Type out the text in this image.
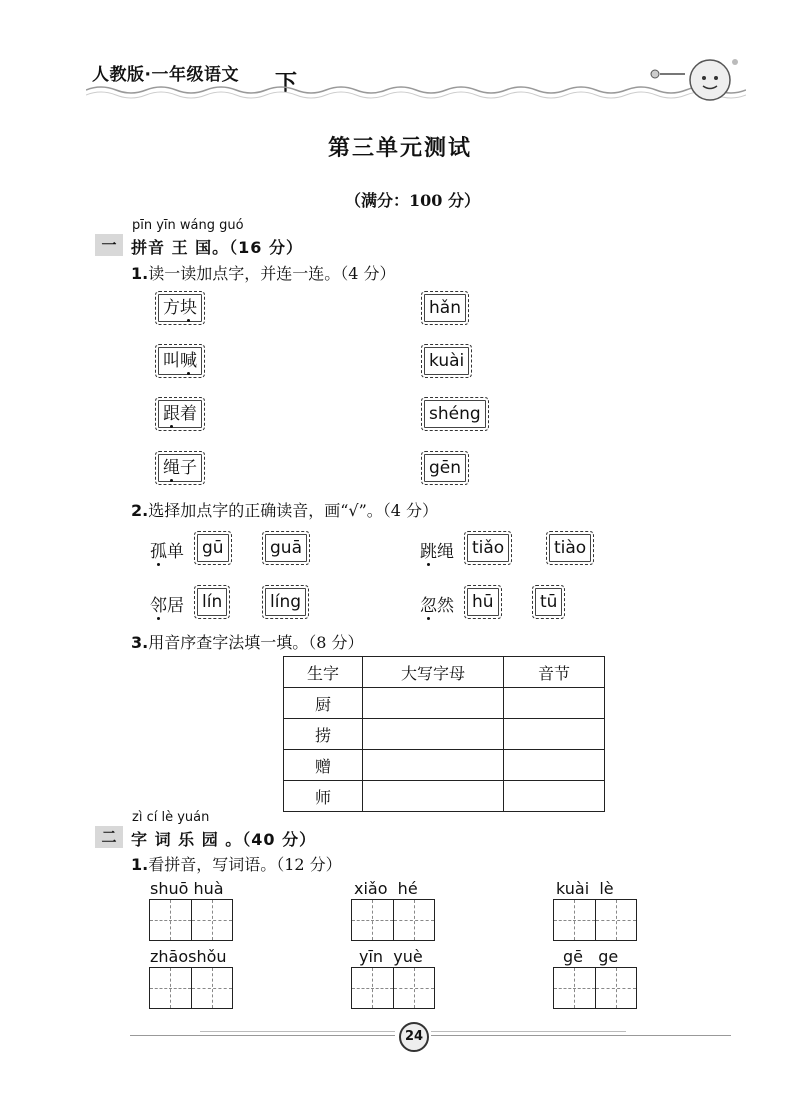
人教版·一年级语文 下
第三单元测试
（满分：100 分）
pīn yīn wáng guó
一 拼音 王 国。（16 分）
1.读一读加点字，并连一连。（4 分）
方块
叫喊
跟着
绳子
hǎn
kuài
shéng
gēn
2.选择加点字的正确读音，画“√”。（4 分）
孤单	gū	guā	跳绳	tiǎo	tiào
邻居	lín	líng	忽然	hū	tū
3.用音序查字法填一填。（8 分）
生字	大写字母	音节
厨		
捞		
赠		
师		
zì cí lè yuán
二 字 词 乐 园 。（40 分）
1.看拼音，写词语。（12 分）
shuō huà	xiǎo  hé	kuài  lè
zhāoshǒu	yīn  yuè	gē   ge
24
